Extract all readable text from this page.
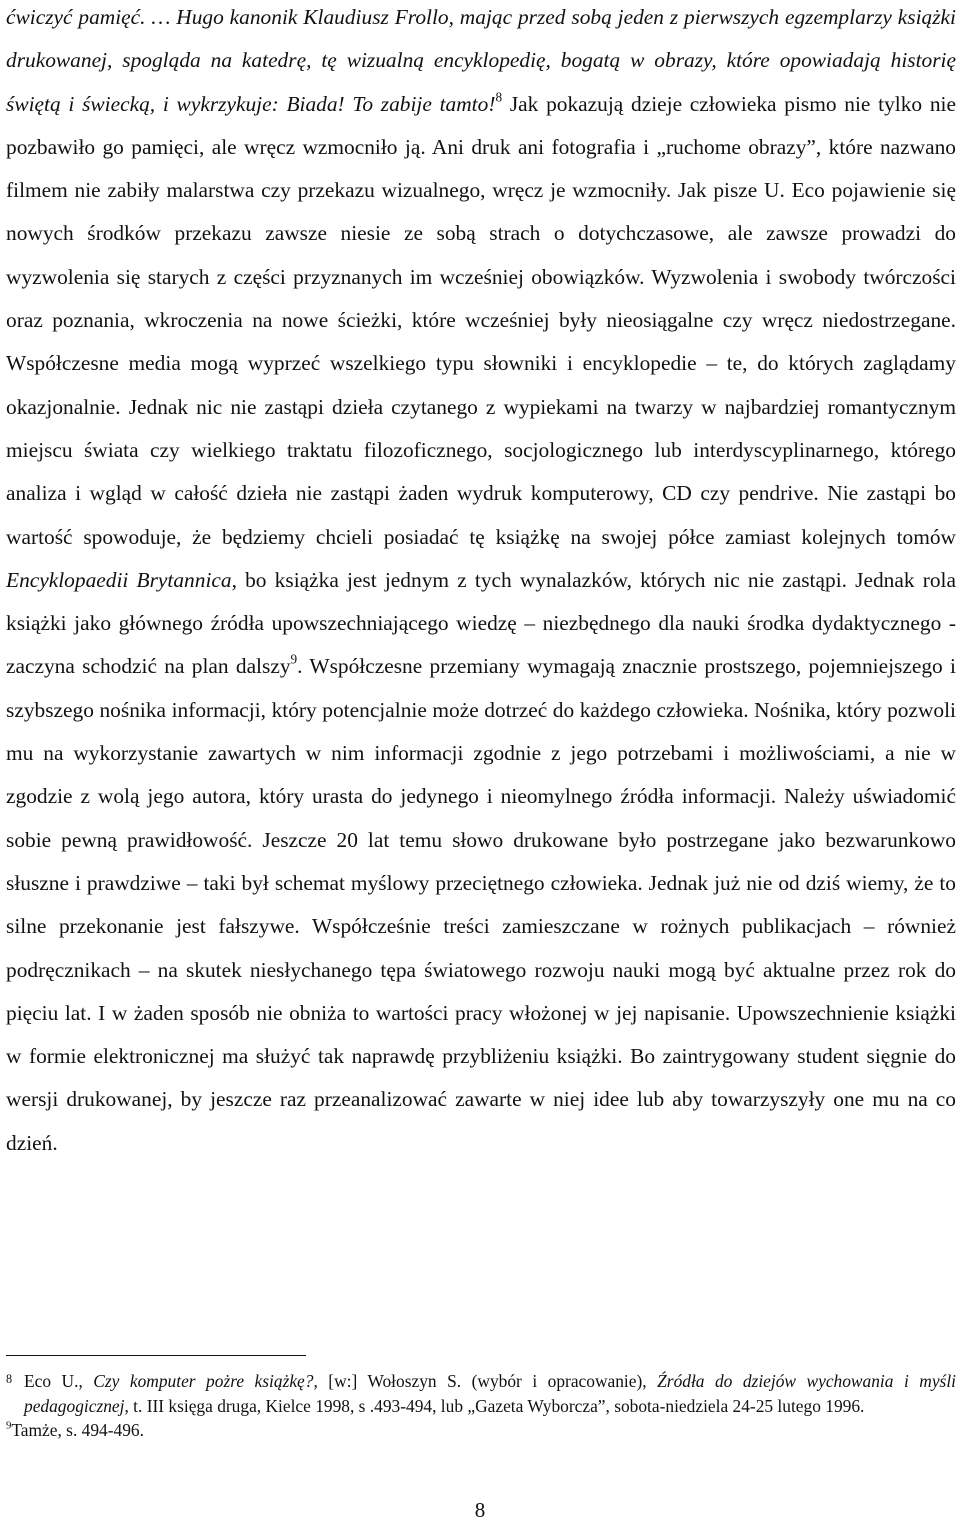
ćwiczyć pamięć. … Hugo kanonik Klaudiusz Frollo, mając przed sobą jeden z pierwszych egzemplarzy książki drukowanej, spogląda na katedrę, tę wizualną encyklopedię, bogatą w obrazy, które opowiadają historię świętą i świecką, i wykrzykuje: Biada! To zabije tamto!$^8$ Jak pokazują dzieje człowieka pismo nie tylko nie pozbawiło go pamięci, ale wręcz wzmocniło ją. Ani druk ani fotografia i „ruchome obrazy”, które nazwano filmem nie zabiły malarstwa czy przekazu wizualnego, wręcz je wzmocniły. Jak pisze U. Eco pojawienie się nowych środków przekazu zawsze niesie ze sobą strach o dotychczasowe, ale zawsze prowadzi do wyzwolenia się starych z części przyznanych im wcześniej obowiązków. Wyzwolenia i swobody twórczości oraz poznania, wkroczenia na nowe ścieżki, które wcześniej były nieosiągalne czy wręcz niedostrzegane. Współczesne media mogą wyprzeć wszelkiego typu słowniki i encyklopedie – te, do których zaglądamy okazjonalnie. Jednak nic nie zastąpi dzieła czytanego z wypiekami na twarzy w najbardziej romantycznym miejscu świata czy wielkiego traktatu filozoficznego, socjologicznego lub interdyscyplinarnego, którego analiza i wgląd w całość dzieła nie zastąpi żaden wydruk komputerowy, CD czy pendrive. Nie zastąpi bo wartość spowoduje, że będziemy chcieli posiadać tę książkę na swojej półce zamiast kolejnych tomów Encyklopaedii Brytannica, bo książka jest jednym z tych wynalazków, których nic nie zastąpi. Jednak rola książki jako głównego źródła upowszechniającego wiedzę – niezbędnego dla nauki środka dydaktycznego - zaczyna schodzić na plan dalszy$^9$. Współczesne przemiany wymagają znacznie prostszego, pojemniejszego i szybszego nośnika informacji, który potencjalnie może dotrzeć do każdego człowieka. Nośnika, który pozwoli mu na wykorzystanie zawartych w nim informacji zgodnie z jego potrzebami i możliwościami, a nie w zgodzie z wolą jego autora, który urasta do jedynego i nieomylnego źródła informacji. Należy uświadomić sobie pewną prawidłowość. Jeszcze 20 lat temu słowo drukowane było postrzegane jako bezwarunkowo słuszne i prawdziwe – taki był schemat myślowy przeciętnego człowieka. Jednak już nie od dziś wiemy, że to silne przekonanie jest fałszywe. Współcześnie treści zamieszczane w rożnych publikacjach – również podręcznikach – na skutek niesłychanego tępa światowego rozwoju nauki mogą być aktualne przez rok do pięciu lat. I w żaden sposób nie obniża to wartości pracy włożonej w jej napisanie. Upowszechnienie książki w formie elektronicznej ma służyć tak naprawdę przybliżeniu książki. Bo zaintrygowany student sięgnie do wersji drukowanej, by jeszcze raz przeanalizować zawarte w niej idee lub aby towarzyszyły one mu na co dzień.

8 Eco U., Czy komputer pożre książkę?, [w:] Wołoszyn S. (wybór i opracowanie), Źródła do dziejów wychowania i myśli pedagogicznej, t. III księga druga, Kielce 1998, s .493-494, lub „Gazeta Wyborcza”, sobota-niedziela 24-25 lutego 1996.

$^9$Tamże, s. 494-496.

8
